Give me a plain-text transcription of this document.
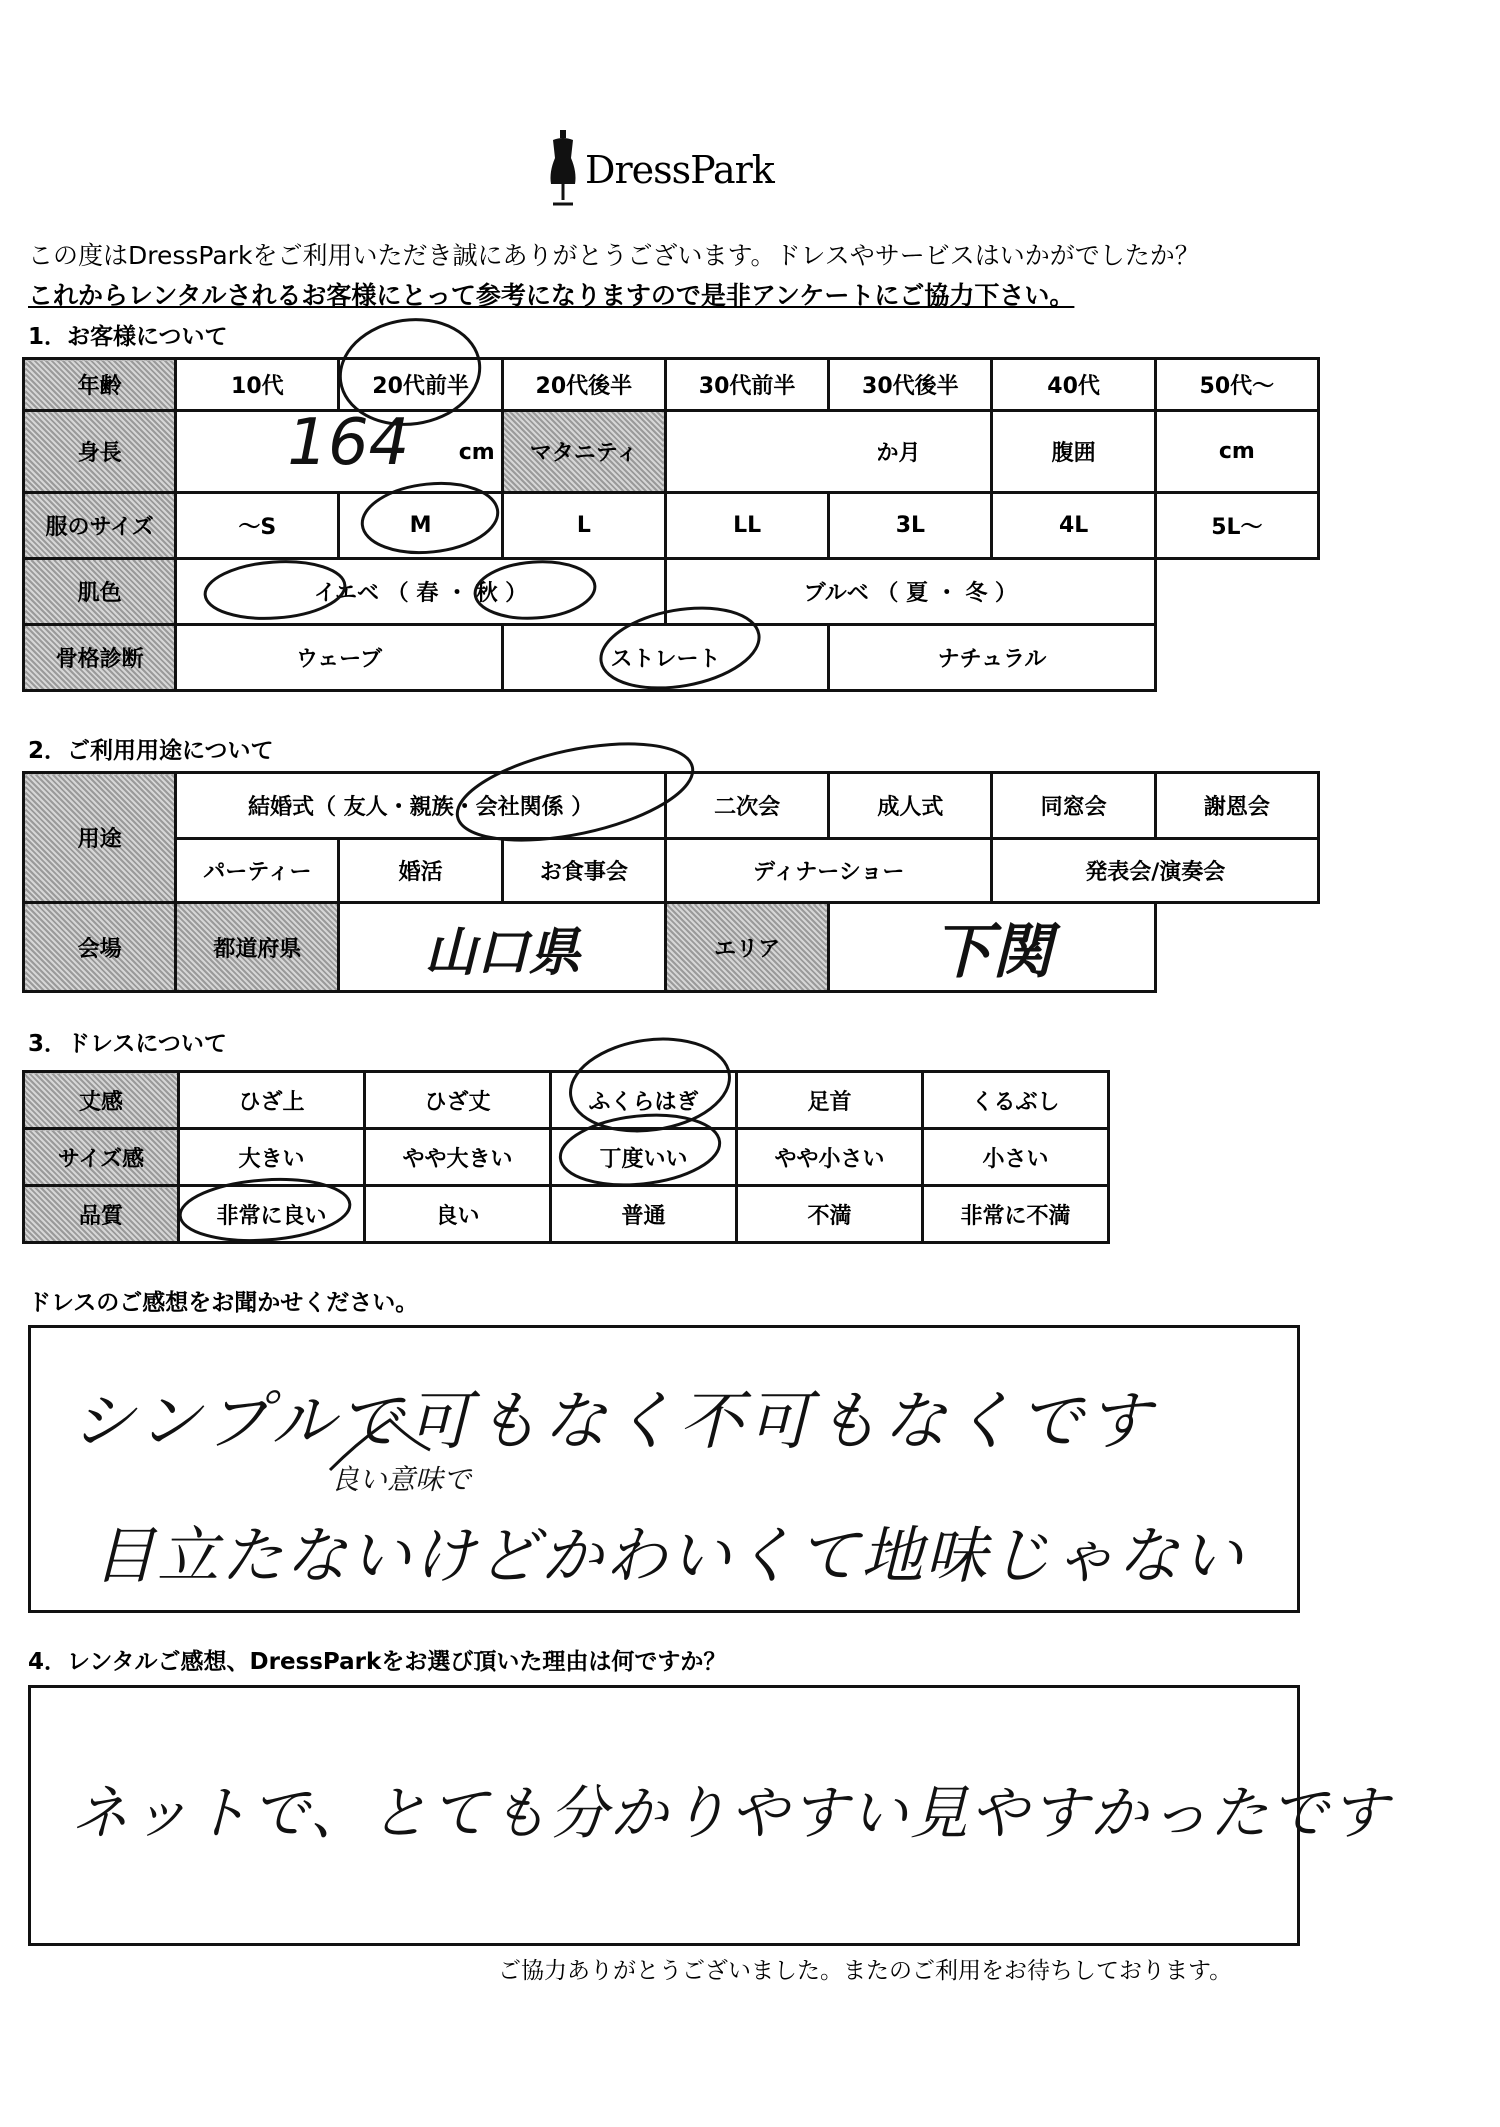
DressPark
この度はDressParkをご利用いただき誠にありがとうございます。ドレスやサービスはいかがでしたか？
これからレンタルされるお客様にとって参考になりますので是非アンケートにご協力下さい。
1．お客様について
年齢	10代	20代前半	20代後半	30代前半	30代後半	40代	50代～
身長	164 cm		マタニティ	か月		腹囲	cm
服のサイズ	～S	M	L	LL	3L	4L	5L～
肌色	イエベ （ 春 ・ 秋 ）			ブルベ （ 夏 ・ 冬 ）			
骨格診断	ウェーブ		ストレート		ナチュラル		
2．ご利用用途について
用途	結婚式（ 友人・親族・会社関係 ）			二次会	成人式	同窓会	謝恩会
	パーティー	婚活	お食事会	ディナーショー		発表会/演奏会	
会場	都道府県	山口県		エリア	下関		
3．ドレスについて
丈感	ひざ上	ひざ丈	ふくらはぎ	足首	くるぶし
サイズ感	大きい	やや大きい	丁度いい	やや小さい	小さい
品質	非常に良い	良い	普通	不満	非常に不満
ドレスのご感想をお聞かせください。
シンプルで可もなく不可もなくです
良い意味で
目立たないけどかわいくて地味じゃない
4．レンタルご感想、DressParkをお選び頂いた理由は何ですか？
ネットで、とても分かりやすい見やすかったです
ご協力ありがとうございました。またのご利用をお待ちしております。
